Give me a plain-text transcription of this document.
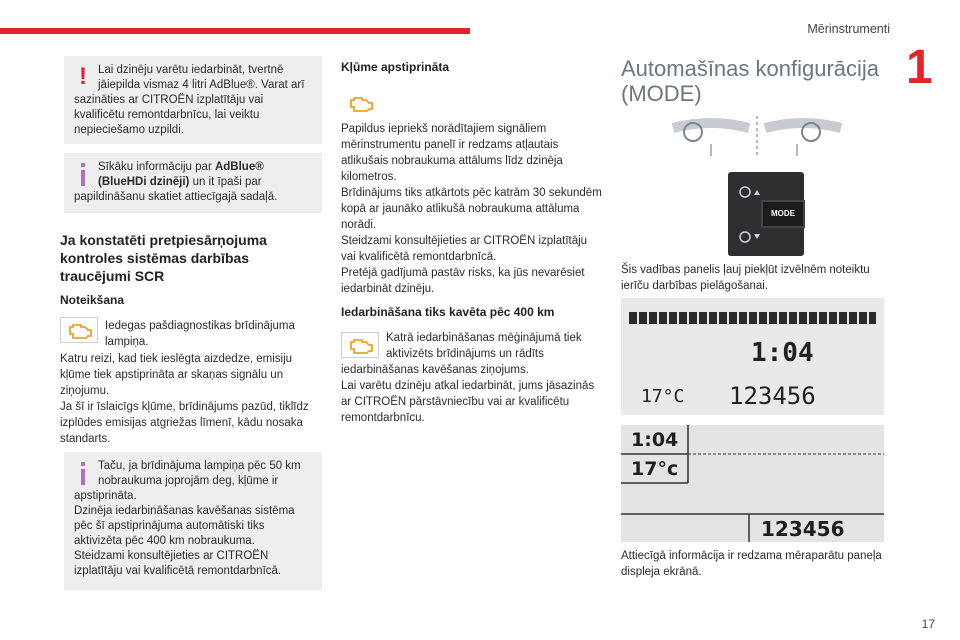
Mērinstrumenti
1
17
! Lai dzinēju varētu iedarbināt, tvertnē

jāiepilda vismaz 4 litri AdBlue®. Varat arī

sazināties ar CITROËN izplatītāju vai kvalificētu remontdarbnīcu, lai veiktu nepieciešamo uzpildi.

Sīkāku informāciju par AdBlue®

(BlueHDi dzinēji) un it īpaši par

papildināšanu skatiet attiecīgajā sadaļā.

Ja konstatēti pretpiesārņojuma kontroles sistēmas darbības traucējumi SCR
Noteikšana
Iedegas pašdiagnostikas brīdinājuma lampiņa.
Katru reizi, kad tiek ieslēgta aizdedze, emisiju kļūme tiek apstiprināta ar skaņas signālu un ziņojumu.
Ja šī ir īslaicīgs kļūme, brīdinājums pazūd, tiklīdz izplūdes emisijas atgriežas līmenī, kādu nosaka standarts.

Taču, ja brīdinājuma lampiņa pēc 50 km

nobraukuma joprojām deg, kļūme ir

apstiprināta.
Dzinēja iedarbināšanas kavēšanas sistēma pēc šī apstiprinājuma automātiski tiks aktivizēta pēc 400 km nobraukuma.
Steidzami konsultējieties ar CITROËN izplatītāju vai kvalificētā remontdarbnīcā.

Kļūme apstiprināta
Papildus iepriekš norādītajiem signāliem mērinstrumentu panelī ir redzams atļautais atlikušais nobraukuma attālums līdz dzinēja kilometros.
Brīdinājums tiks atkārtots pēc katrām 30 sekundēm kopā ar jaunāko atlikušā nobraukuma attāluma norādi.
Steidzami konsultējieties ar CITROËN izplatītāju vai kvalificētā remontdarbnīcā.
Pretējā gadījumā pastāv risks, ka jūs nevarēsiet iedarbināt dzinēju.
Iedarbināšana tiks kavēta pēc 400 km
Katrā iedarbināšanas mēģinājumā tiek aktivizēts brīdinājums un rādīts
iedarbināšanas kavēšanas ziņojums.
Lai varētu dzinēju atkal iedarbināt, jums jāsazinās ar CITROËN pārstāvniecību vai ar kvalificētu remontdarbnīcu.
Automašīnas konfigurācija (MODE)
MODE
Šis vadības panelis ļauj piekļūt izvēlnēm noteiktu ierīču darbības pielāgošanai.
1:04
17°C 123456
1:04
17°c
123456
Attiecīgā informācija ir redzama mēraparātu paneļa displeja ekrānā.
